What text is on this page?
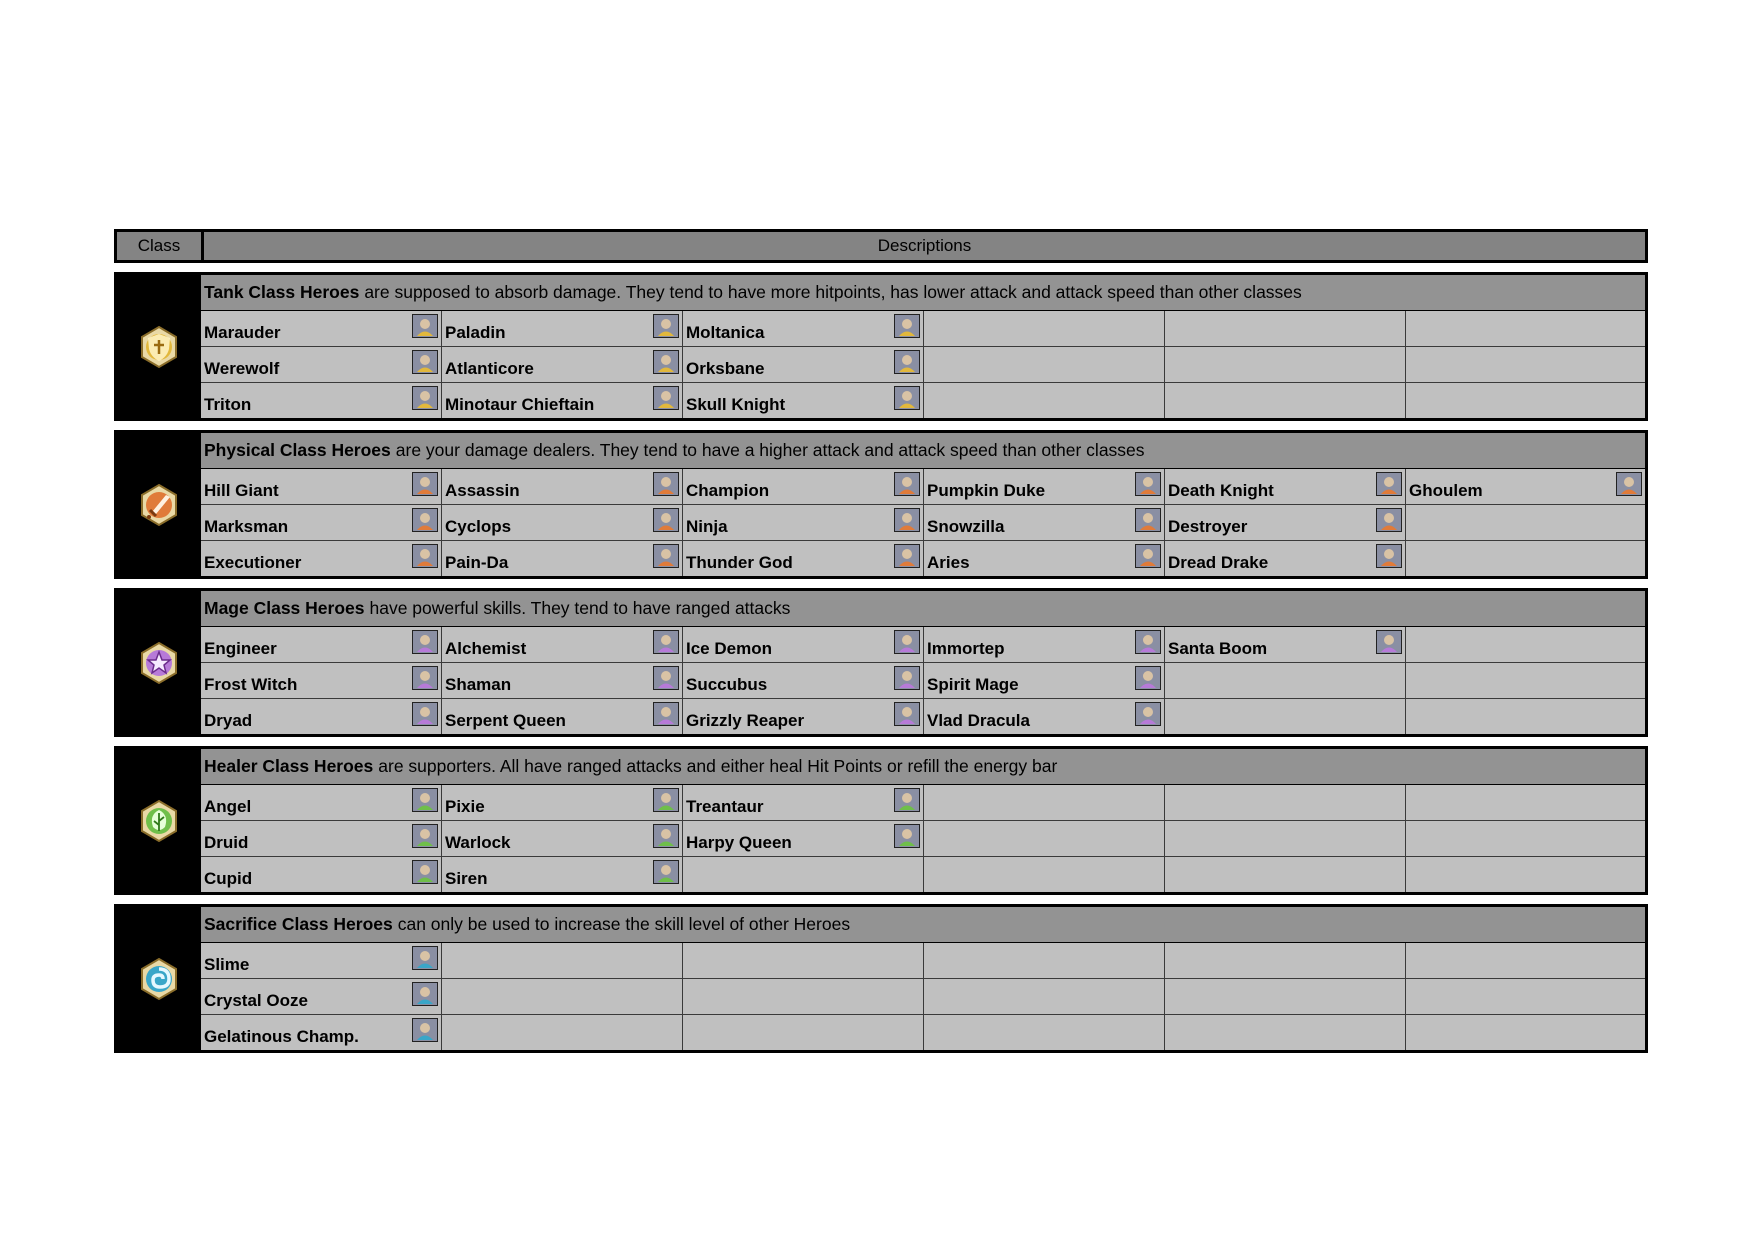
Class	Descriptions
Tank Class Heroes are supposed to absorb damage. They tend to have more hitpoints, has lower attack and attack speed than other classes
Marauder	Paladin	Moltanica
Werewolf	Atlanticore	Orksbane
Triton	Minotaur Chieftain	Skull Knight
Physical Class Heroes are your damage dealers. They tend to have a higher attack and attack speed than other classes
Hill Giant	Assassin	Champion	Pumpkin Duke	Death Knight	Ghoulem
Marksman	Cyclops	Ninja	Snowzilla	Destroyer
Executioner	Pain-Da	Thunder God	Aries	Dread Drake
Mage Class Heroes have powerful skills. They tend to have ranged attacks
Engineer	Alchemist	Ice Demon	Immortep	Santa Boom
Frost Witch	Shaman	Succubus	Spirit Mage
Dryad	Serpent Queen	Grizzly Reaper	Vlad Dracula
Healer Class Heroes are supporters. All have ranged attacks and either heal Hit Points or refill the energy bar
Angel	Pixie	Treantaur
Druid	Warlock	Harpy Queen
Cupid	Siren
Sacrifice Class Heroes can only be used to increase the skill level of other Heroes
Slime
Crystal Ooze
Gelatinous Champ.
